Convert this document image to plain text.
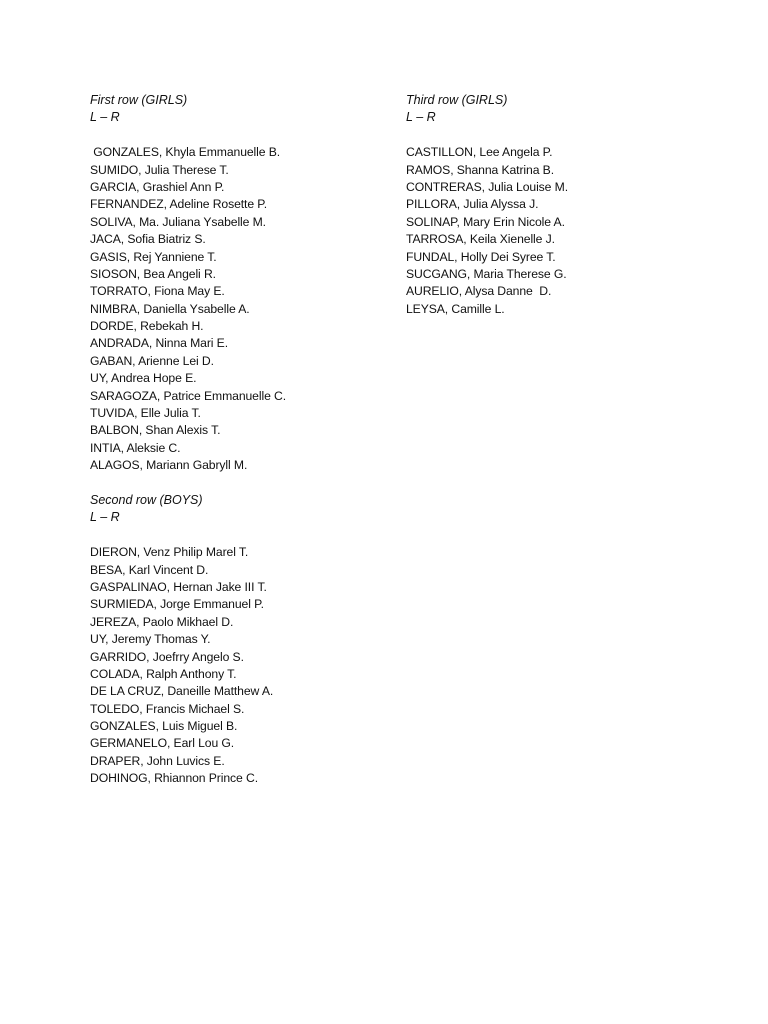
First row (GIRLS)
L – R
GONZALES, Khyla Emmanuelle B.
SUMIDO, Julia Therese T.
GARCIA, Grashiel Ann P.
FERNANDEZ, Adeline Rosette P.
SOLIVA, Ma. Juliana Ysabelle M.
JACA, Sofia Biatriz S.
GASIS, Rej Yanniene T.
SIOSON, Bea Angeli R.
TORRATO, Fiona May E.
NIMBRA, Daniella Ysabelle A.
DORDE, Rebekah H.
ANDRADA, Ninna Mari E.
GABAN, Arienne Lei D.
UY, Andrea Hope E.
SARAGOZA, Patrice Emmanuelle C.
TUVIDA, Elle Julia T.
BALBON, Shan Alexis T.
INTIA, Aleksie C.
ALAGOS, Mariann Gabryll M.
Second row (BOYS)
L – R
DIERON, Venz Philip Marel T.
BESA, Karl Vincent D.
GASPALINAO, Hernan Jake III T.
SURMIEDA, Jorge Emmanuel P.
JEREZA, Paolo Mikhael D.
UY, Jeremy Thomas Y.
GARRIDO, Joefrry Angelo S.
COLADA, Ralph Anthony T.
DE LA CRUZ, Daneille Matthew A.
TOLEDO, Francis Michael S.
GONZALES, Luis Miguel B.
GERMANELO, Earl Lou G.
DRAPER, John Luvics E.
DOHINOG, Rhiannon Prince C.
Third row (GIRLS)
L – R
CASTILLON, Lee Angela P.
RAMOS, Shanna Katrina B.
CONTRERAS, Julia Louise M.
PILLORA, Julia Alyssa J.
SOLINAP, Mary Erin Nicole A.
TARROSA, Keila Xienelle J.
FUNDAL, Holly Dei Syree T.
SUCGANG, Maria Therese G.
AURELIO, Alysa Danne  D.
LEYSA, Camille L.
